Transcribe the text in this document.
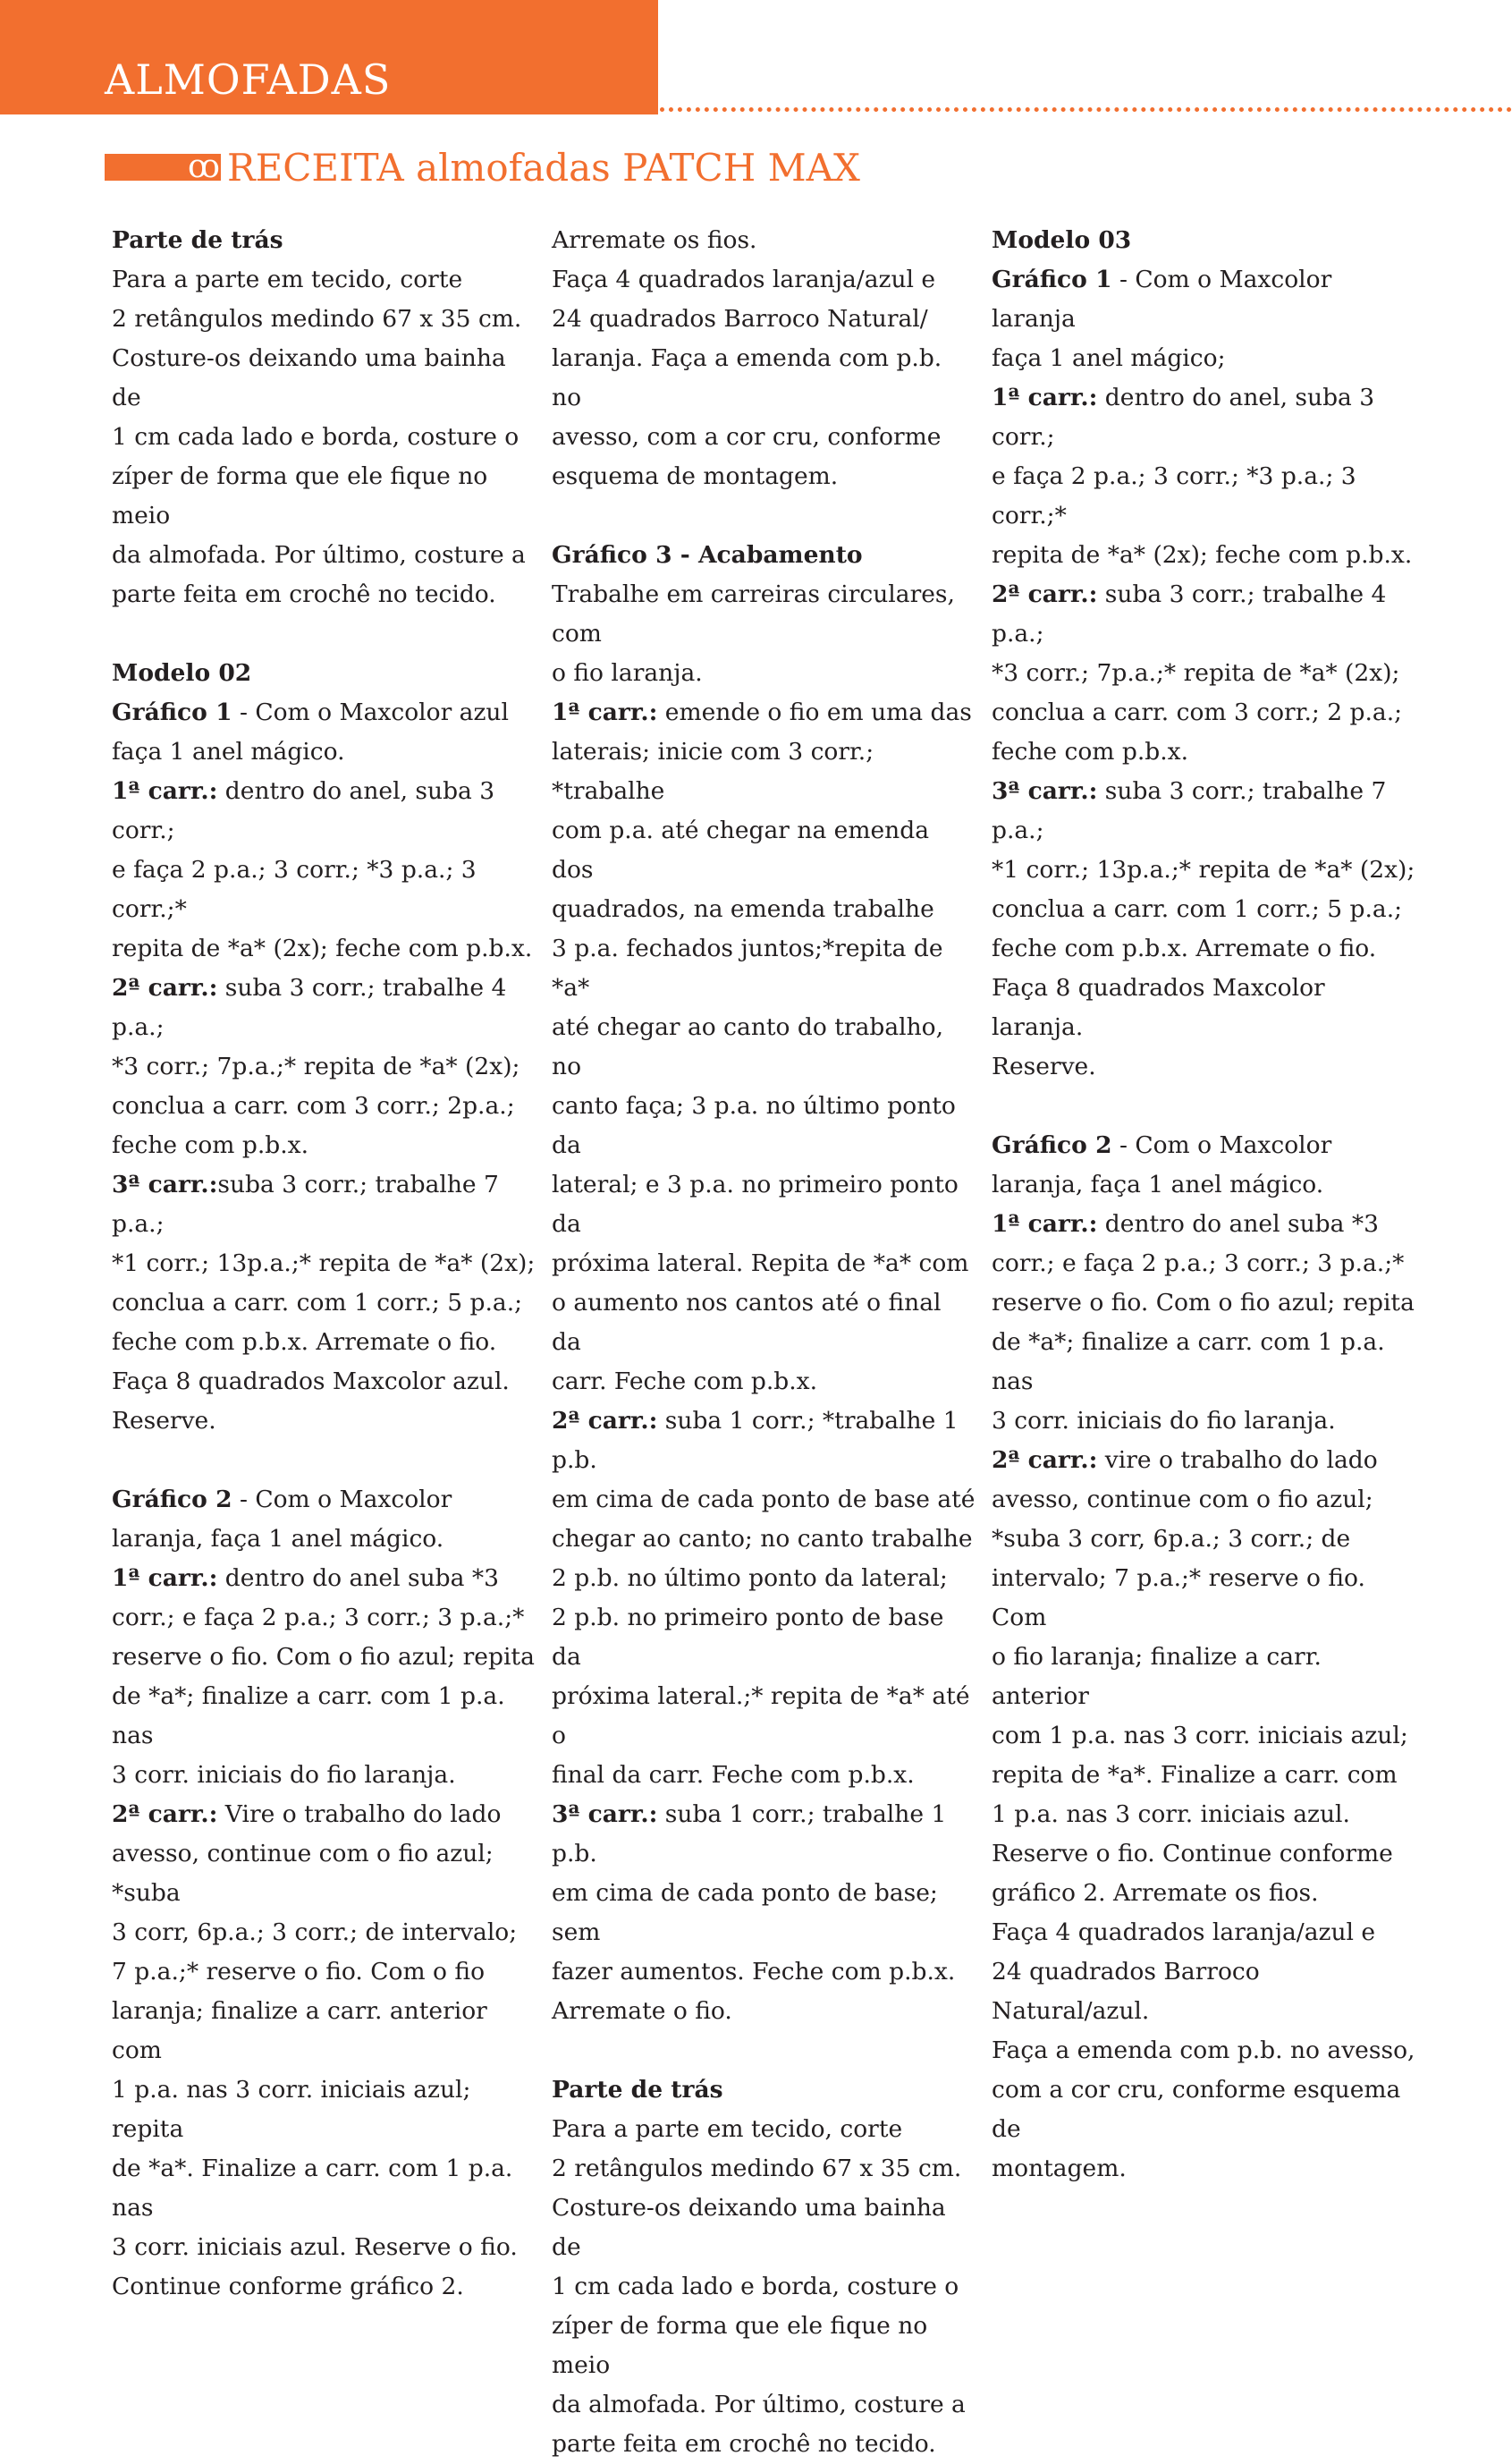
ALMOFADAS
ꝏ RECEITA almofadas PATCH MAX

Parte de trás

Para a parte em tecido, corte

2 retângulos medindo 67 x 35 cm.

Costure-os deixando uma bainha de

1 cm cada lado e borda, costure o

zíper de forma que ele fique no meio

da almofada. Por último, costure a

parte feita em crochê no tecido.

Modelo 02

Gráfico 1 - Com o Maxcolor azul

faça 1 anel mágico.

1ª carr.: dentro do anel, suba 3 corr.;

e faça 2 p.a.; 3 corr.; *3 p.a.; 3 corr.;*

repita de *a* (2x); feche com p.b.x.

2ª carr.: suba 3 corr.; trabalhe 4 p.a.;

*3 corr.; 7p.a.;* repita de *a* (2x);

conclua a carr. com 3 corr.; 2p.a.;

feche com p.b.x.

3ª carr.:suba 3 corr.; trabalhe 7 p.a.;

*1 corr.; 13p.a.;* repita de *a* (2x);

conclua a carr. com 1 corr.; 5 p.a.;

feche com p.b.x. Arremate o fio.

Faça 8 quadrados Maxcolor azul.

Reserve.

Gráfico 2 - Com o Maxcolor

laranja, faça 1 anel mágico.

1ª carr.: dentro do anel suba *3

corr.; e faça 2 p.a.; 3 corr.; 3 p.a.;*

reserve o fio. Com o fio azul; repita

de *a*; finalize a carr. com 1 p.a. nas

3 corr. iniciais do fio laranja.

2ª carr.: Vire o trabalho do lado

avesso, continue com o fio azul; *suba

3 corr, 6p.a.; 3 corr.; de intervalo;

7 p.a.;* reserve o fio. Com o fio

laranja; finalize a carr. anterior com

1 p.a. nas 3 corr. iniciais azul; repita

de *a*. Finalize a carr. com 1 p.a. nas

3 corr. iniciais azul. Reserve o fio.

Continue conforme gráfico 2.

Arremate os fios.

Faça 4 quadrados laranja/azul e

24 quadrados Barroco Natural/

laranja. Faça a emenda com p.b. no

avesso, com a cor cru, conforme

esquema de montagem.

Gráfico 3 - Acabamento

Trabalhe em carreiras circulares, com

o fio laranja.

1ª carr.: emende o fio em uma das

laterais; inicie com 3 corr.; *trabalhe

com p.a. até chegar na emenda dos

quadrados, na emenda trabalhe

3 p.a. fechados juntos;*repita de *a*

até chegar ao canto do trabalho, no

canto faça; 3 p.a. no último ponto da

lateral; e 3 p.a. no primeiro ponto da

próxima lateral. Repita de *a* com

o aumento nos cantos até o final da

carr. Feche com p.b.x.

2ª carr.: suba 1 corr.; *trabalhe 1 p.b.

em cima de cada ponto de base até

chegar ao canto; no canto trabalhe

2 p.b. no último ponto da lateral;

2 p.b. no primeiro ponto de base da

próxima lateral.;* repita de *a* até o

final da carr. Feche com p.b.x.

3ª carr.: suba 1 corr.; trabalhe 1 p.b.

em cima de cada ponto de base; sem

fazer aumentos. Feche com p.b.x.

Arremate o fio.

Parte de trás

Para a parte em tecido, corte

2 retângulos medindo 67 x 35 cm.

Costure-os deixando uma bainha de

1 cm cada lado e borda, costure o

zíper de forma que ele fique no meio

da almofada. Por último, costure a

parte feita em crochê no tecido.

Modelo 03

Gráfico 1 - Com o Maxcolor laranja

faça 1 anel mágico;

1ª carr.: dentro do anel, suba 3 corr.;

e faça 2 p.a.; 3 corr.; *3 p.a.; 3 corr.;*

repita de *a* (2x); feche com p.b.x.

2ª carr.: suba 3 corr.; trabalhe 4 p.a.;

*3 corr.; 7p.a.;* repita de *a* (2x);

conclua a carr. com 3 corr.; 2 p.a.;

feche com p.b.x.

3ª carr.: suba 3 corr.; trabalhe 7 p.a.;

*1 corr.; 13p.a.;* repita de *a* (2x);

conclua a carr. com 1 corr.; 5 p.a.;

feche com p.b.x. Arremate o fio.

Faça 8 quadrados Maxcolor laranja.

Reserve.

Gráfico 2 - Com o Maxcolor

laranja, faça 1 anel mágico.

1ª carr.: dentro do anel suba *3

corr.; e faça 2 p.a.; 3 corr.; 3 p.a.;*

reserve o fio. Com o fio azul; repita

de *a*; finalize a carr. com 1 p.a. nas

3 corr. iniciais do fio laranja.

2ª carr.: vire o trabalho do lado

avesso, continue com o fio azul;

*suba 3 corr, 6p.a.; 3 corr.; de

intervalo; 7 p.a.;* reserve o fio. Com

o fio laranja; finalize a carr. anterior

com 1 p.a. nas 3 corr. iniciais azul;

repita de *a*. Finalize a carr. com

1 p.a. nas 3 corr. iniciais azul.

Reserve o fio. Continue conforme

gráfico 2. Arremate os fios.

Faça 4 quadrados laranja/azul e

24 quadrados Barroco Natural/azul.

Faça a emenda com p.b. no avesso,

com a cor cru, conforme esquema de

montagem.
